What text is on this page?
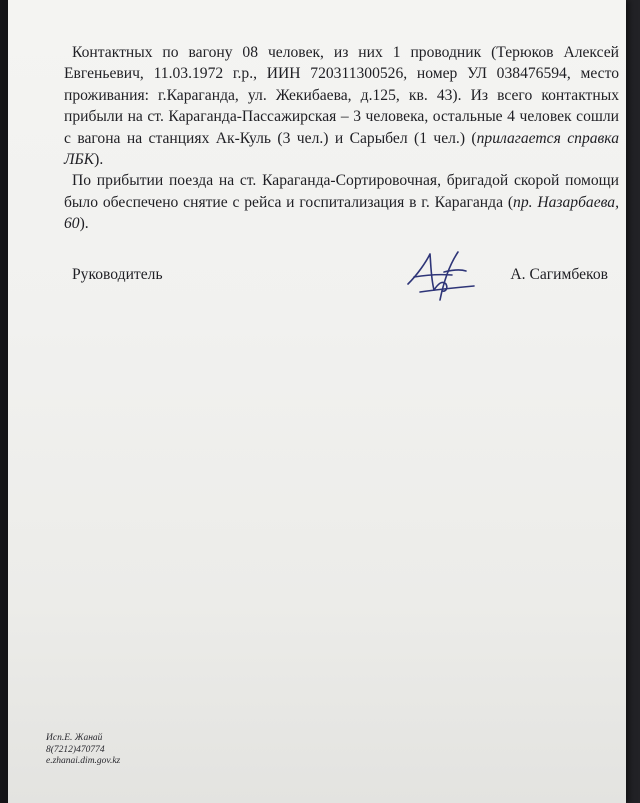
Контактных по вагону 08 человек, из них 1 проводник (Терюков Алексей Евгеньевич, 11.03.1972 г.р., ИИН 720311300526, номер УЛ 038476594, место проживания: г.Караганда, ул. Жекибаева, д.125, кв. 43). Из всего контактных прибыли на ст. Караганда-Пассажирская – 3 человека, остальные 4 человек сошли с вагона на станциях Ак-Куль (3 чел.) и Сарыбел (1 чел.) (прилагается справка ЛБК).

По прибытии поезда на ст. Караганда-Сортировочная, бригадой скорой помощи было обеспечено снятие с рейса и госпитализация в г. Караганда (пр. Назарбаева, 60).

Руководитель	А. Сагимбеков
Исп.Е. Жанай
8(7212)470774
e.zhanai.dim.gov.kz
